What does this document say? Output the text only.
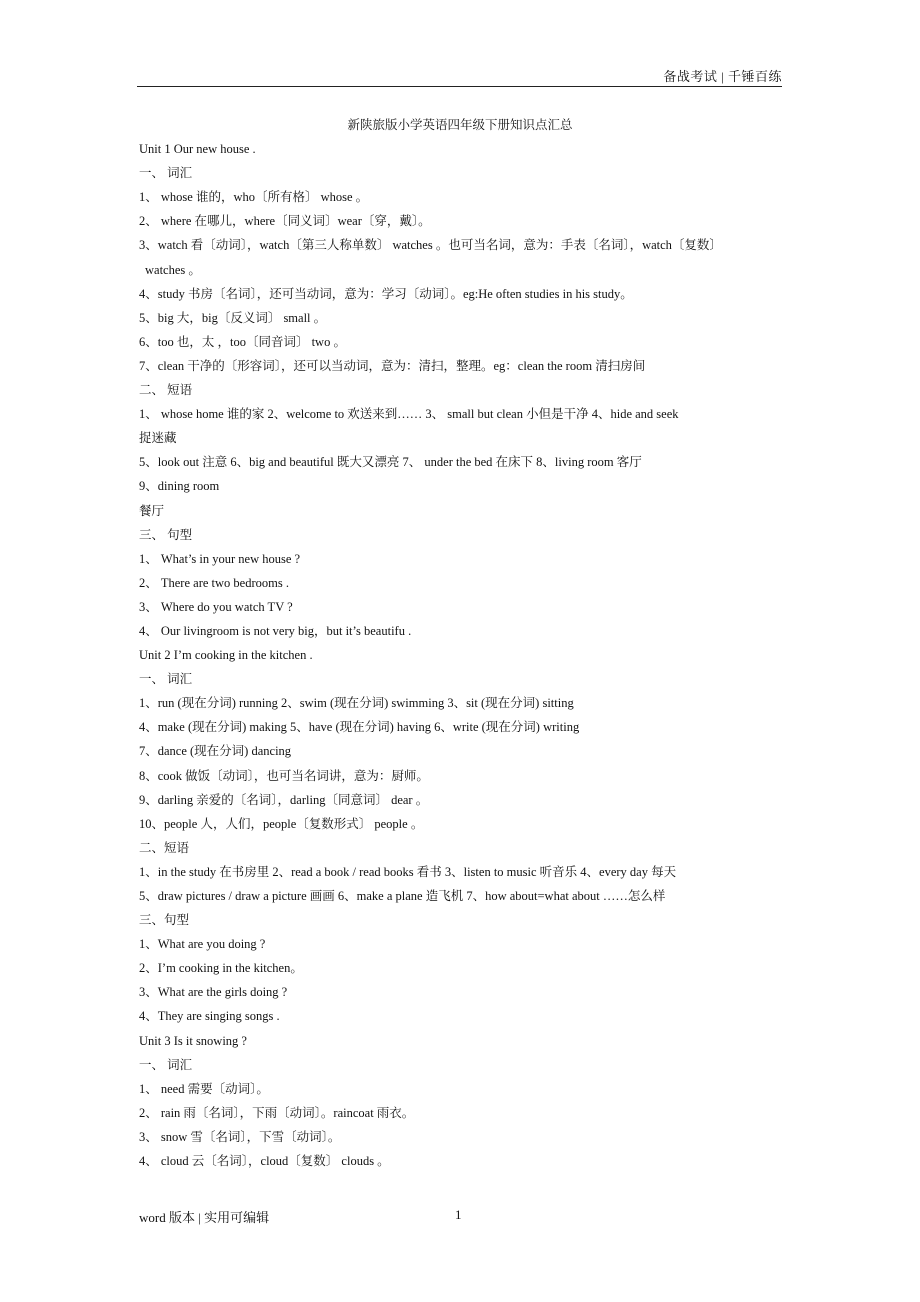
备战考试 | 千锤百练

新陕旅版小学英语四年级下册知识点汇总

Unit 1 Our new house .

一、 词汇

1、 whose 谁的，who〔所有格〕 whose 。

2、 where 在哪儿，where〔同义词〕wear〔穿，戴〕。

3、watch 看〔动词〕，watch〔第三人称单数〕 watches 。也可当名词，意为：手表〔名词〕，watch〔复数〕

watches 。

4、study 书房〔名词〕，还可当动词，意为：学习〔动词〕。eg:He often studies in his study。

5、big 大，big〔反义词〕 small 。

6、too 也，太 ，too〔同音词〕 two 。

7、clean 干净的〔形容词〕，还可以当动词，意为：清扫，整理。eg：clean the room 清扫房间

二、 短语

1、 whose home 谁的家 2、welcome to 欢送来到…… 3、 small but clean 小但是干净 4、hide and seek

捉迷藏

5、look out 注意 6、big and beautiful 既大又漂亮 7、 under the bed 在床下 8、living room 客厅

9、dining room

餐厅

三、 句型

1、 What’s in your new house ?

2、 There are two bedrooms .

3、 Where do you watch TV ?

4、 Our livingroom is not very big，but it’s beautifu .

Unit 2 I’m cooking in the kitchen .

一、 词汇

1、run (现在分词) running 2、swim (现在分词) swimming 3、sit (现在分词) sitting

4、make (现在分词) making 5、have (现在分词) having 6、write (现在分词) writing

7、dance (现在分词) dancing

8、cook 做饭〔动词〕，也可当名词讲，意为：厨师。

9、darling 亲爱的〔名词〕，darling〔同意词〕 dear 。

10、people 人，人们，people〔复数形式〕 people 。

二、短语

1、in the study 在书房里 2、read a book / read books 看书 3、listen to music 听音乐 4、every day 每天

5、draw pictures / draw a picture 画画 6、make a plane 造飞机 7、how about=what about ……怎么样

三、句型

1、What are you doing ?

2、I’m cooking in the kitchen。

3、What are the girls doing ?

4、They are singing songs .

Unit 3 Is it snowing ?

一、 词汇

1、 need 需要〔动词〕。

2、 rain 雨〔名词〕，下雨〔动词〕。raincoat 雨衣。

3、 snow 雪〔名词〕，下雪〔动词〕。

4、 cloud 云〔名词〕，cloud〔复数〕 clouds 。

word 版本 | 实用可编辑	1
